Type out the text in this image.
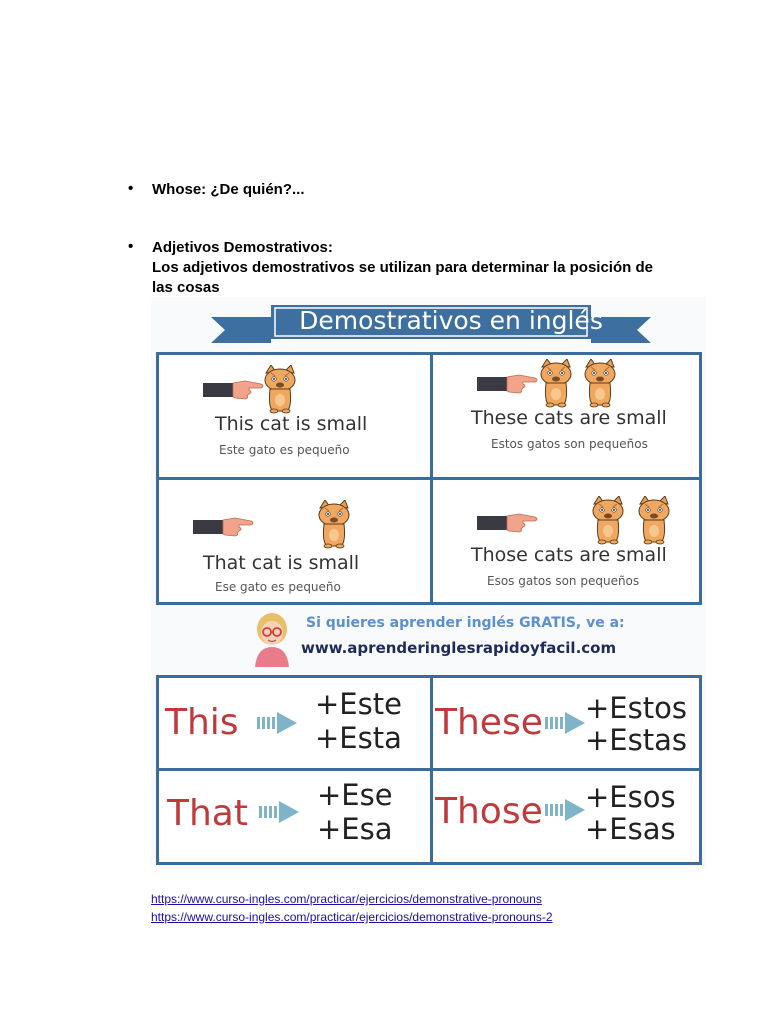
• Whose: ¿De quién?...
• Adjetivos Demostrativos:
Los adjetivos demostrativos se utilizan para determinar la posición de
las cosas
Demostrativos en inglés
This cat is small
Este gato es pequeño
These cats are small
Estos gatos son pequeños
That cat is small
Ese gato es pequeño
Those cats are small
Esos gatos son pequeños
Si quieres aprender inglés GRATIS, ve a:
www.aprenderinglesrapidoyfacil.com
This	+Este
+Esta These +Estos
+Estas
That +Ese
+Esa Those +Esos
+Esas
https://www.curso-ingles.com/practicar/ejercicios/demonstrative-pronouns
https://www.curso-ingles.com/practicar/ejercicios/demonstrative-pronouns-2
